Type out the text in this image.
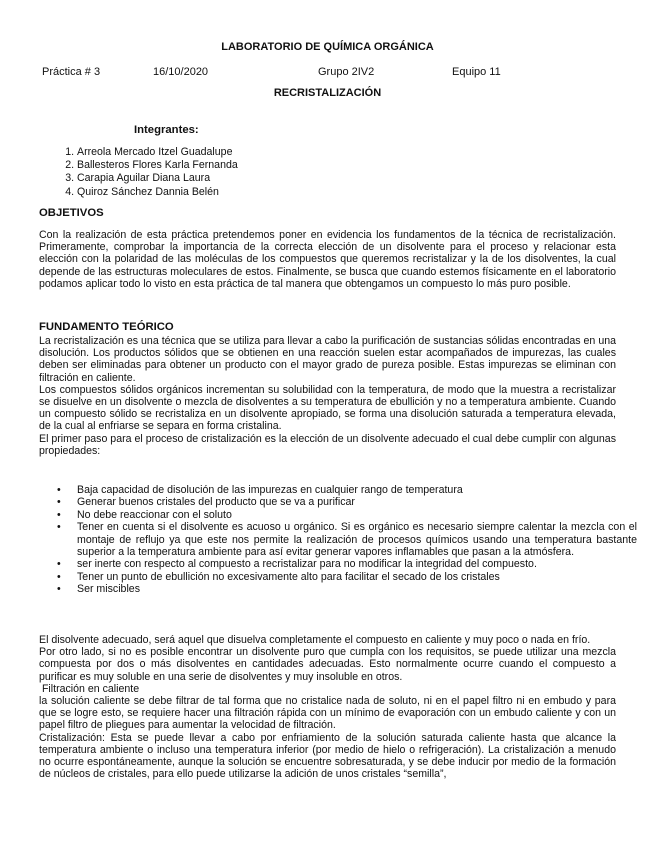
LABORATORIO DE QUÍMICA ORGÁNICA
Práctica # 3	16/10/2020	Grupo 2IV2	Equipo 11
RECRISTALIZACIÓN
Integrantes:
1. Arreola Mercado Itzel Guadalupe
2. Ballesteros Flores Karla Fernanda
3. Carapia Aguilar Diana Laura
4. Quiroz Sánchez Dannia Belén
OBJETIVOS
Con la realización de esta práctica pretendemos poner en evidencia los fundamentos de la técnica de recristalización. Primeramente, comprobar la importancia de la correcta elección de un disolvente para el proceso y relacionar esta elección con la polaridad de las moléculas de los compuestos que queremos recristalizar y la de los disolventes, la cual depende de las estructuras moleculares de estos. Finalmente, se busca que cuando estemos físicamente en el laboratorio podamos aplicar todo lo visto en esta práctica de tal manera que obtengamos un compuesto lo más puro posible.
FUNDAMENTO TEÓRICO

La recristalización es una técnica que se utiliza para llevar a cabo la purificación de sustancias sólidas encontradas en una disolución. Los productos sólidos que se obtienen en una reacción suelen estar acompañados de impurezas, las cuales deben ser eliminadas para obtener un producto con el mayor grado de pureza posible. Estas impurezas se eliminan con filtración en caliente.

Los compuestos sólidos orgánicos incrementan su solubilidad con la temperatura, de modo que la muestra a recristalizar se disuelve en un disolvente o mezcla de disolventes a su temperatura de ebullición y no a temperatura ambiente. Cuando un compuesto sólido se recristaliza en un disolvente apropiado, se forma una disolución saturada a temperatura elevada, de la cual al enfriarse se separa en forma cristalina.

El primer paso para el proceso de cristalización es la elección de un disolvente adecuado el cual debe cumplir con algunas propiedades:

• Baja capacidad de disolución de las impurezas en cualquier rango de temperatura
• Generar buenos cristales del producto que se va a purificar
• No debe reaccionar con el soluto
• Tener en cuenta si el disolvente es acuoso u orgánico. Si es orgánico es necesario siempre calentar la mezcla con el montaje de reflujo ya que este nos permite la realización de procesos químicos usando una temperatura bastante superior a la temperatura ambiente para así evitar generar vapores inflamables que pasan a la atmósfera.
• ser inerte con respecto al compuesto a recristalizar para no modificar la integridad del compuesto.
• Tener un punto de ebullición no excesivamente alto para facilitar el secado de los cristales
• Ser miscibles

El disolvente adecuado, será aquel que disuelva completamente el compuesto en caliente y muy poco o nada en frío.

Por otro lado, si no es posible encontrar un disolvente puro que cumpla con los requisitos, se puede utilizar una mezcla compuesta por dos o más disolventes en cantidades adecuadas. Esto normalmente ocurre cuando el compuesto a purificar es muy soluble en una serie de disolventes y muy insoluble en otros.

Filtración en caliente

la solución caliente se debe filtrar de tal forma que no cristalice nada de soluto, ni en el papel filtro ni en embudo y para que se logre esto, se requiere hacer una filtración rápida con un mínimo de evaporación con un embudo caliente y con un papel filtro de pliegues para aumentar la velocidad de filtración.

Cristalización: Esta se puede llevar a cabo por enfriamiento de la solución saturada caliente hasta que alcance la temperatura ambiente o incluso una temperatura inferior (por medio de hielo o refrigeración). La cristalización a menudo no ocurre espontáneamente, aunque la solución se encuentre sobresaturada, y se debe inducir por medio de la formación de núcleos de cristales, para ello puede utilizarse la adición de unos cristales “semilla”,
